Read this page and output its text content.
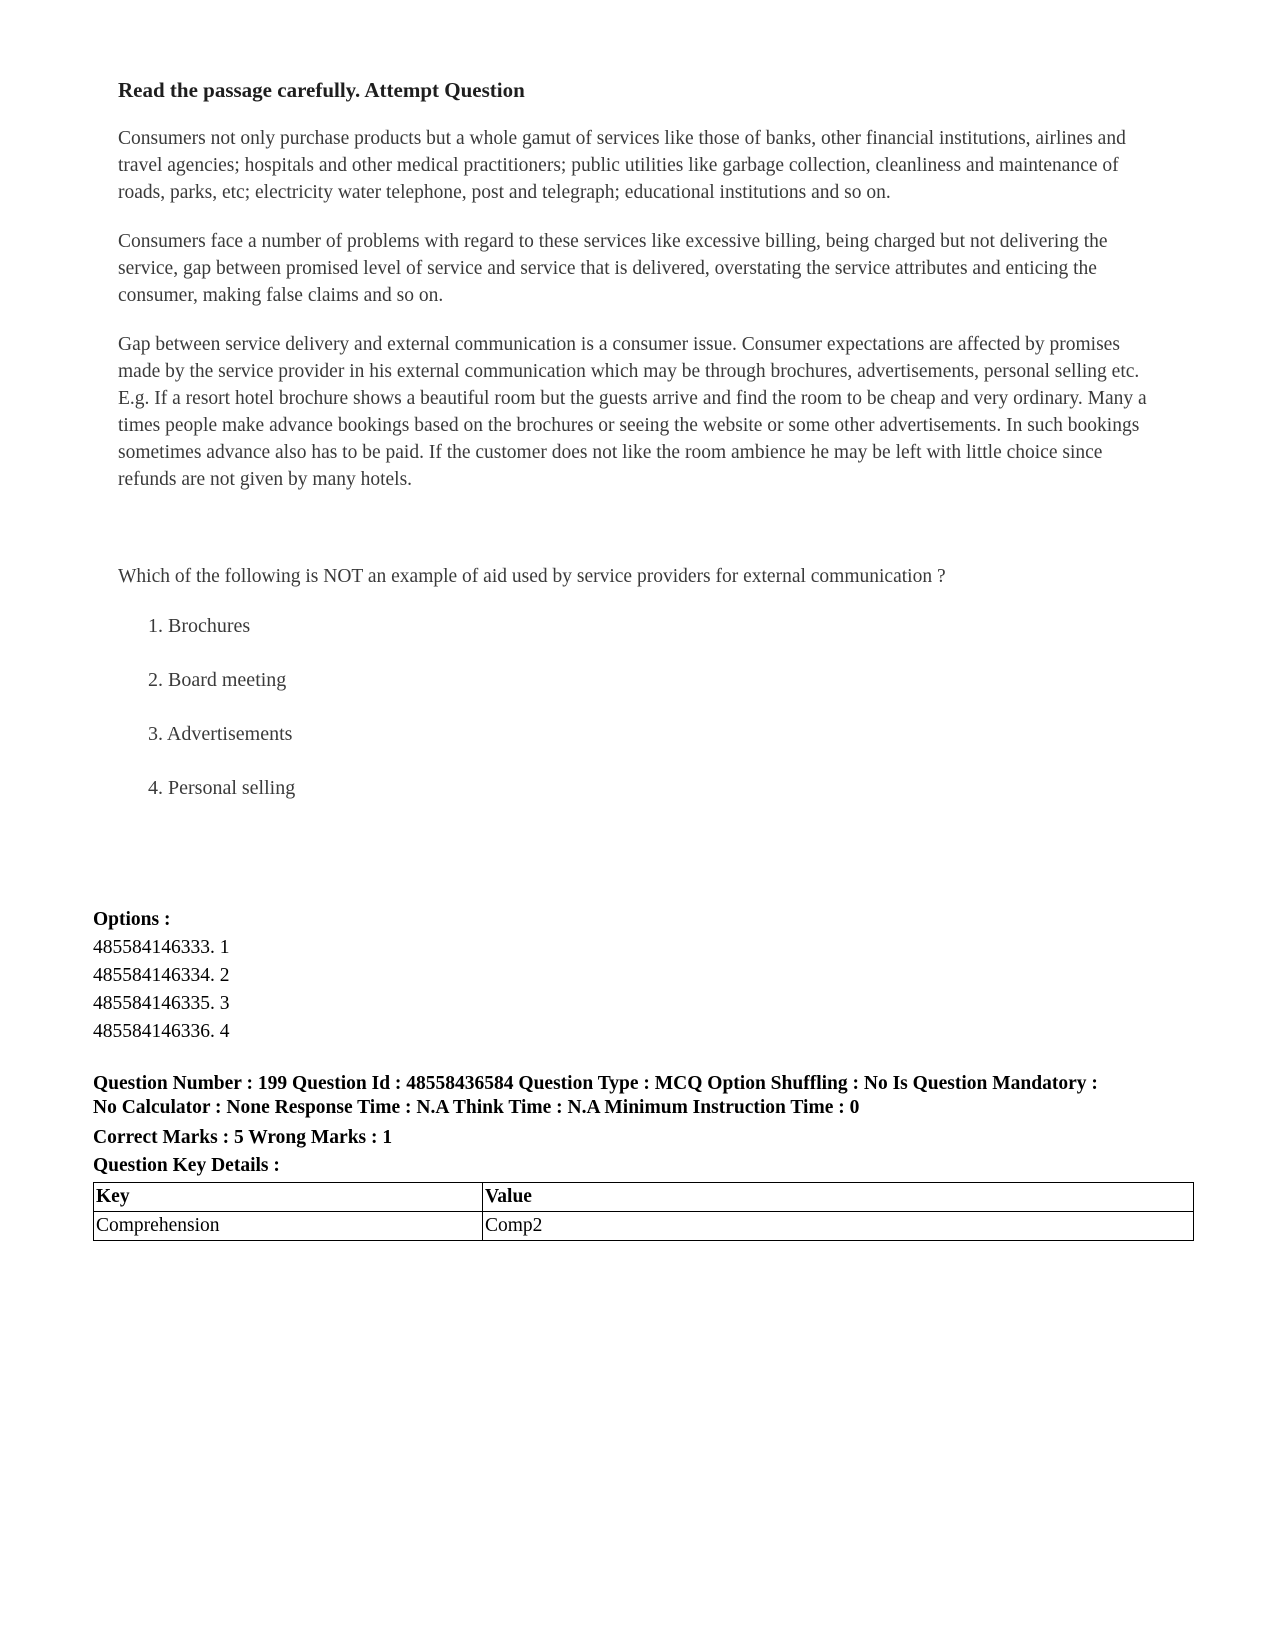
Read the passage carefully. Attempt Question

Consumers not only purchase products but a whole gamut of services like those of banks, other financial institutions, airlines and travel agencies; hospitals and other medical practitioners; public utilities like garbage collection, cleanliness and maintenance of roads, parks, etc; electricity water telephone, post and telegraph; educational institutions and so on.

Consumers face a number of problems with regard to these services like excessive billing, being charged but not delivering the service, gap between promised level of service and service that is delivered, overstating the service attributes and enticing the consumer, making false claims and so on.

Gap between service delivery and external communication is a consumer issue. Consumer expectations are affected by promises made by the service provider in his external communication which may be through brochures, advertisements, personal selling etc. E.g. If a resort hotel brochure shows a beautiful room but the guests arrive and find the room to be cheap and very ordinary. Many a times people make advance bookings based on the brochures or seeing the website or some other advertisements. In such bookings sometimes advance also has to be paid. If the customer does not like the room ambience he may be left with little choice since refunds are not given by many hotels.

Which of the following is NOT an example of aid used by service providers for external communication ?

1. Brochures
2. Board meeting
3. Advertisements
4. Personal selling

Options :

485584146333. 1

485584146334. 2

485584146335. 3

485584146336. 4

Question Number : 199 Question Id : 48558436584 Question Type : MCQ Option Shuffling : No Is Question Mandatory :
No Calculator : None Response Time : N.A Think Time : N.A Minimum Instruction Time : 0

Correct Marks : 5 Wrong Marks : 1

Question Key Details :

Key	Value
Comprehension	Comp2
